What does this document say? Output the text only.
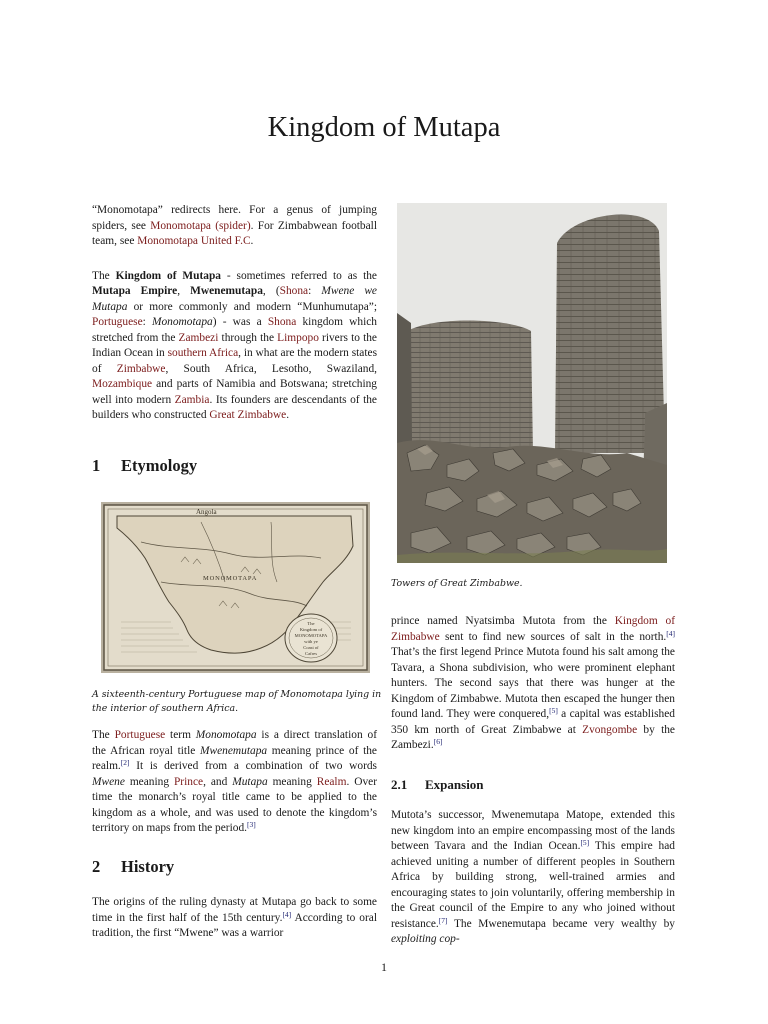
Kingdom of Mutapa

“Monomotapa” redirects here. For a genus of jumping spiders, see Monomotapa (spider). For Zimbabwean football team, see Monomotapa United F.C.

The Kingdom of Mutapa - sometimes referred to as the Mutapa Empire, Mwenemutapa, (Shona: Mwene we Mutapa or more commonly and modern “Munhumutapa”; Portuguese: Monomotapa) - was a Shona kingdom which stretched from the Zambezi through the Limpopo rivers to the Indian Ocean in southern Africa, in what are the modern states of Zimbabwe, South Africa, Lesotho, Swaziland, Mozambique and parts of Namibia and Botswana; stretching well into modern Zambia. Its founders are descendants of the builders who constructed Great Zimbabwe.

1	Etymology
Angola
MONOMOTAPA
The
Kingdom of
MONOMOTAPA
with ye
Coast of
Cafres
A sixteenth-century Portuguese map of Monomotapa lying in the interior of southern Africa.

The Portuguese term Monomotapa is a direct translation of the African royal title Mwenemutapa meaning prince of the realm.[2] It is derived from a combination of two words Mwene meaning Prince, and Mutapa meaning Realm. Over time the monarch’s royal title came to be applied to the kingdom as a whole, and was used to denote the kingdom’s territory on maps from the period.[3]

2	History

The origins of the ruling dynasty at Mutapa go back to some time in the first half of the 15th century.[4] According to oral tradition, the first “Mwene” was a warrior

Towers of Great Zimbabwe.

prince named Nyatsimba Mutota from the Kingdom of Zimbabwe sent to find new sources of salt in the north.[4] That’s the first legend Prince Mutota found his salt among the Tavara, a Shona subdivision, who were prominent elephant hunters. The second says that there was hunger at the Kingdom of Zimbabwe. Mutota then escaped the hunger then found land. They were conquered,[5] a capital was established 350 km north of Great Zimbabwe at Zvongombe by the Zambezi.[6]

2.1	Expansion

Mutota’s successor, Mwenemutapa Matope, extended this new kingdom into an empire encompassing most of the lands between Tavara and the Indian Ocean.[5] This empire had achieved uniting a number of different peoples in Southern Africa by building strong, well-trained armies and encouraging states to join voluntarily, offering membership in the Great council of the Empire to any who joined without resistance.[7] The Mwenemutapa became very wealthy by exploiting cop-

1
